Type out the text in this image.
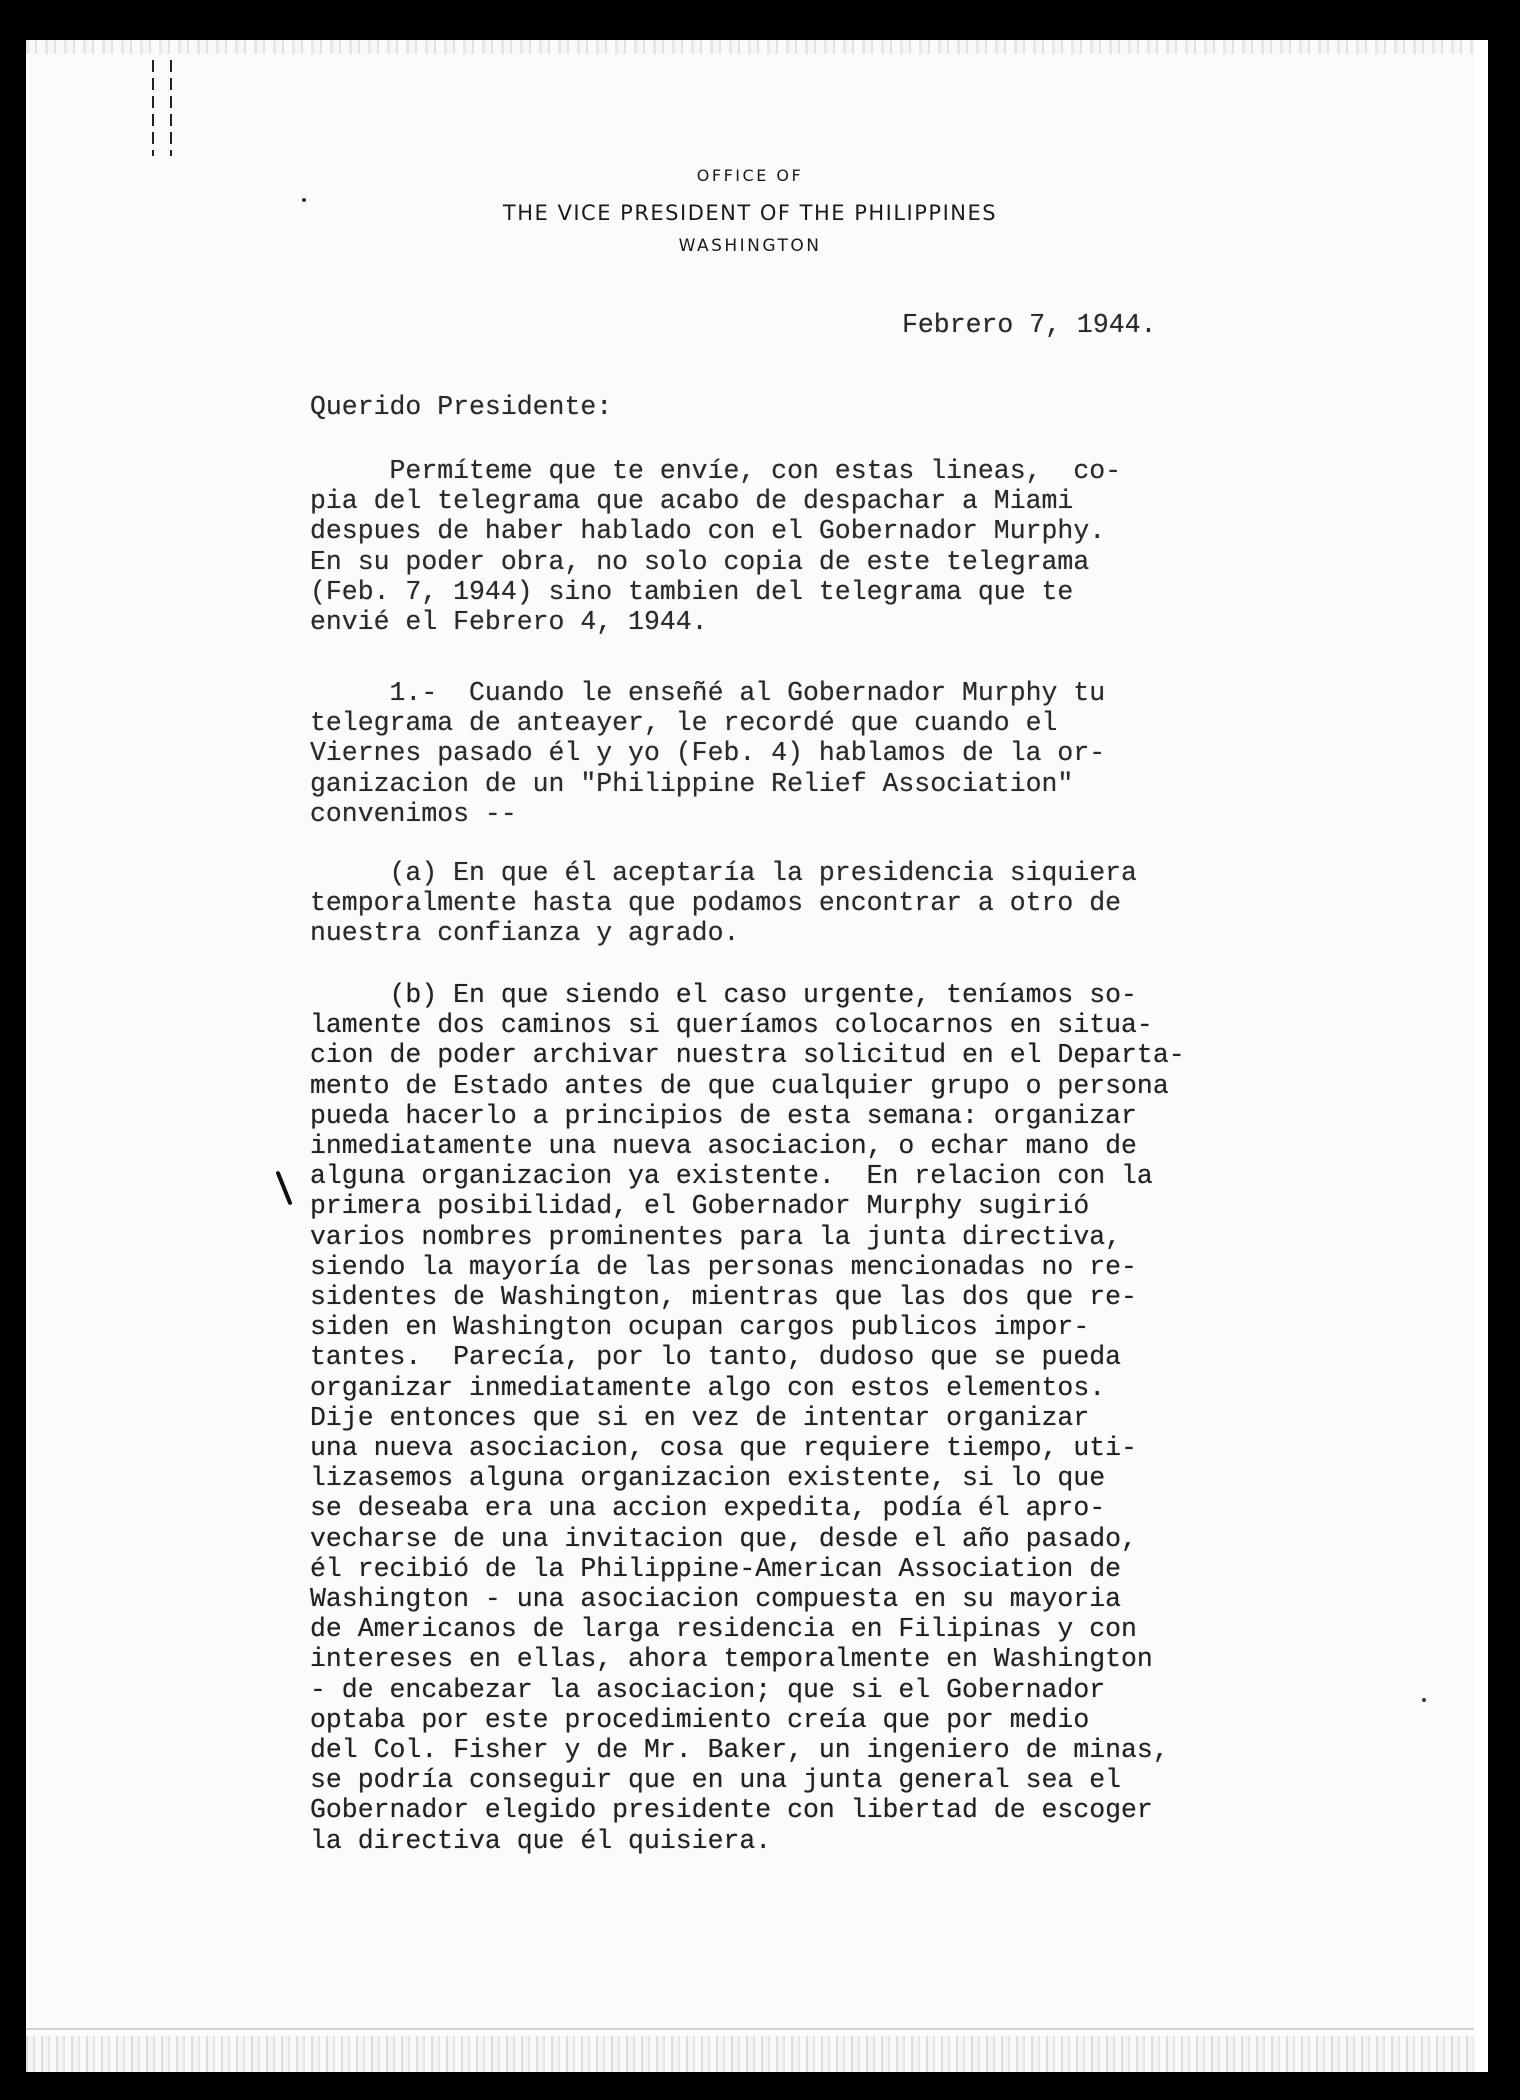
OFFICE OF
THE VICE PRESIDENT OF THE PHILIPPINES
WASHINGTON
Febrero 7, 1944.
Querido Presidente:
Permíteme que te envíe, con estas lineas,  co-
pia del telegrama que acabo de despachar a Miami
despues de haber hablado con el Gobernador Murphy.
En su poder obra, no solo copia de este telegrama
(Feb. 7, 1944) sino tambien del telegrama que te
envié el Febrero 4, 1944.
1.-  Cuando le enseñé al Gobernador Murphy tu
telegrama de anteayer, le recordé que cuando el
Viernes pasado él y yo (Feb. 4) hablamos de la or-
ganizacion de un "Philippine Relief Association"
convenimos --
(a) En que él aceptaría la presidencia siquiera
temporalmente hasta que podamos encontrar a otro de
nuestra confianza y agrado.
(b) En que siendo el caso urgente, teníamos so-
lamente dos caminos si queríamos colocarnos en situa-
cion de poder archivar nuestra solicitud en el Departa-
mento de Estado antes de que cualquier grupo o persona
pueda hacerlo a principios de esta semana: organizar
inmediatamente una nueva asociacion, o echar mano de
alguna organizacion ya existente.  En relacion con la
primera posibilidad, el Gobernador Murphy sugirió
varios nombres prominentes para la junta directiva,
siendo la mayoría de las personas mencionadas no re-
sidentes de Washington, mientras que las dos que re-
siden en Washington ocupan cargos publicos impor-
tantes.  Parecía, por lo tanto, dudoso que se pueda
organizar inmediatamente algo con estos elementos.
Dije entonces que si en vez de intentar organizar
una nueva asociacion, cosa que requiere tiempo, uti-
lizasemos alguna organizacion existente, si lo que
se deseaba era una accion expedita, podía él apro-
vecharse de una invitacion que, desde el año pasado,
él recibió de la Philippine-American Association de
Washington - una asociacion compuesta en su mayoria
de Americanos de larga residencia en Filipinas y con
intereses en ellas, ahora temporalmente en Washington
- de encabezar la asociacion; que si el Gobernador
optaba por este procedimiento creía que por medio
del Col. Fisher y de Mr. Baker, un ingeniero de minas,
se podría conseguir que en una junta general sea el
Gobernador elegido presidente con libertad de escoger
la directiva que él quisiera.
